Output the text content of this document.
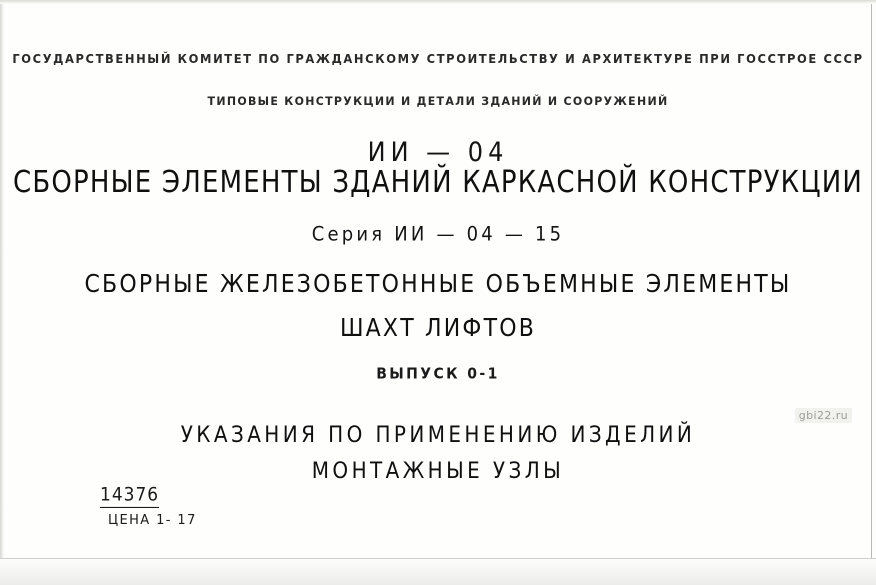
ГОСУДАРСТВЕННЫЙ КОМИТЕТ ПО ГРАЖДАНСКОМУ СТРОИТЕЛЬСТВУ И АРХИТЕКТУРЕ ПРИ ГОССТРОЕ СССР
ТИПОВЫЕ КОНСТРУКЦИИ И ДЕТАЛИ ЗДАНИЙ И СООРУЖЕНИЙ
ИИ — 04
СБОРНЫЕ ЭЛЕМЕНТЫ ЗДАНИЙ КАРКАСНОЙ КОНСТРУКЦИИ
Серия ИИ — 04 — 15
СБОРНЫЕ ЖЕЛЕЗОБЕТОННЫЕ ОБЪЕМНЫЕ ЭЛЕМЕНТЫ
ШАХТ ЛИФТОВ
ВЫПУСК 0-1
УКАЗАНИЯ ПО ПРИМЕНЕНИЮ ИЗДЕЛИЙ
МОНТАЖНЫЕ УЗЛЫ
14376
ЦЕНА 1- 17
gbi22.ru
